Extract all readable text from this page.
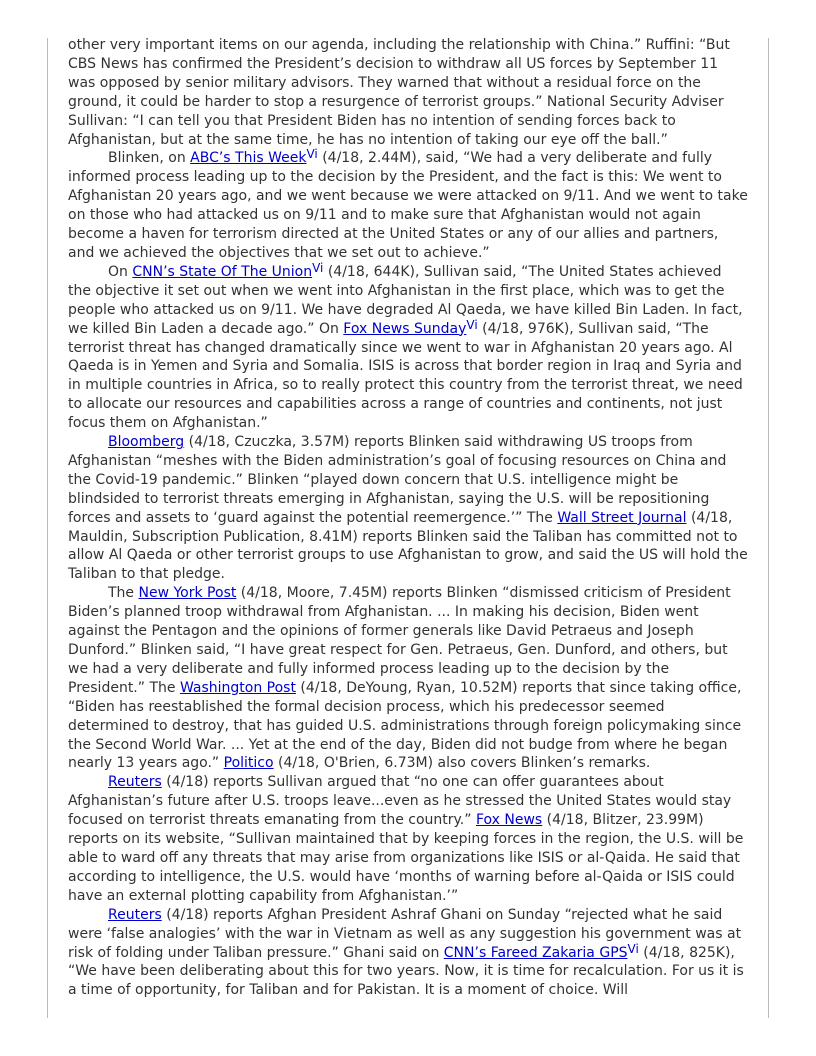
other very important items on our agenda, including the relationship with China.” Ruffini: “But CBS News has confirmed the President’s decision to withdraw all US forces by September 11 was opposed by senior military advisors. They warned that without a residual force on the ground, it could be harder to stop a resurgence of terrorist groups.” National Security Adviser Sullivan: “I can tell you that President Biden has no intention of sending forces back to Afghanistan, but at the same time, he has no intention of taking our eye off the ball.”

Blinken, on ABC’s This Week$^{Vi}$ (4/18, 2.44M), said, “We had a very deliberate and fully informed process leading up to the decision by the President, and the fact is this: We went to Afghanistan 20 years ago, and we went because we were attacked on 9/11. And we went to take on those who had attacked us on 9/11 and to make sure that Afghanistan would not again become a haven for terrorism directed at the United States or any of our allies and partners, and we achieved the objectives that we set out to achieve.”

On CNN’s State Of The Union$^{Vi}$ (4/18, 644K), Sullivan said, “The United States achieved the objective it set out when we went into Afghanistan in the first place, which was to get the people who attacked us on 9/11. We have degraded Al Qaeda, we have killed Bin Laden. In fact, we killed Bin Laden a decade ago.” On Fox News Sunday$^{Vi}$ (4/18, 976K), Sullivan said, “The terrorist threat has changed dramatically since we went to war in Afghanistan 20 years ago. Al Qaeda is in Yemen and Syria and Somalia. ISIS is across that border region in Iraq and Syria and in multiple countries in Africa, so to really protect this country from the terrorist threat, we need to allocate our resources and capabilities across a range of countries and continents, not just focus them on Afghanistan.”

Bloomberg (4/18, Czuczka, 3.57M) reports Blinken said withdrawing US troops from Afghanistan “meshes with the Biden administration’s goal of focusing resources on China and the Covid-19 pandemic.” Blinken “played down concern that U.S. intelligence might be blindsided to terrorist threats emerging in Afghanistan, saying the U.S. will be repositioning forces and assets to ‘guard against the potential reemergence.’” The Wall Street Journal (4/18, Mauldin, Subscription Publication, 8.41M) reports Blinken said the Taliban has committed not to allow Al Qaeda or other terrorist groups to use Afghanistan to grow, and said the US will hold the Taliban to that pledge.

The New York Post (4/18, Moore, 7.45M) reports Blinken “dismissed criticism of President Biden’s planned troop withdrawal from Afghanistan. ... In making his decision, Biden went against the Pentagon and the opinions of former generals like David Petraeus and Joseph Dunford.” Blinken said, “I have great respect for Gen. Petraeus, Gen. Dunford, and others, but we had a very deliberate and fully informed process leading up to the decision by the President.” The Washington Post (4/18, DeYoung, Ryan, 10.52M) reports that since taking office, “Biden has reestablished the formal decision process, which his predecessor seemed determined to destroy, that has guided U.S. administrations through foreign policymaking since the Second World War. ... Yet at the end of the day, Biden did not budge from where he began nearly 13 years ago.” Politico (4/18, O'Brien, 6.73M) also covers Blinken’s remarks.

Reuters (4/18) reports Sullivan argued that “no one can offer guarantees about Afghanistan’s future after U.S. troops leave...even as he stressed the United States would stay focused on terrorist threats emanating from the country.” Fox News (4/18, Blitzer, 23.99M) reports on its website, “Sullivan maintained that by keeping forces in the region, the U.S. will be able to ward off any threats that may arise from organizations like ISIS or al-Qaida. He said that according to intelligence, the U.S. would have ‘months of warning before al-Qaida or ISIS could have an external plotting capability from Afghanistan.’”

Reuters (4/18) reports Afghan President Ashraf Ghani on Sunday “rejected what he said were ‘false analogies’ with the war in Vietnam as well as any suggestion his government was at risk of folding under Taliban pressure.” Ghani said on CNN’s Fareed Zakaria $GPS^{Vi}$ (4/18, 825K), “We have been deliberating about this for two years. Now, it is time for recalculation. For us it is a time of opportunity, for Taliban and for Pakistan. It is a moment of choice. Will
